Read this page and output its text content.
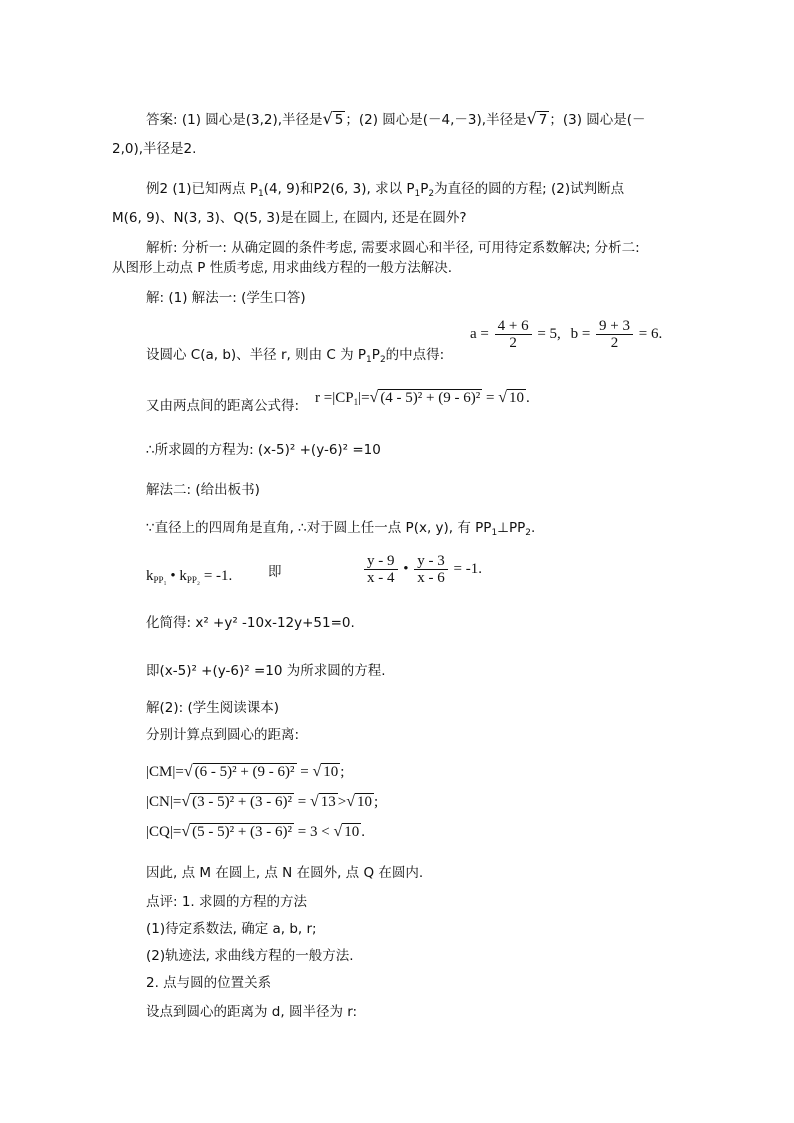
答案: (1) 圆心是(3,2),半径是√ 5 ；(2) 圆心是(－4,－3),半径是√ 7 ；(3) 圆心是(－
2,0),半径是2.
例2 (1)已知两点 $P_1(4$, 9)和P2(6, 3), 求以 $P_1P_2$为直径的圆的方程; (2)试判断点
M(6, 9)、N(3, 3)、Q(5, 3)是在圆上, 在圆内, 还是在圆外?
解析: 分析一: 从确定圆的条件考虑, 需要求圆心和半径, 可用待定系数解决; 分析二:
从图形上动点 P 性质考虑, 用求曲线方程的一般方法解决.
解: (1) 解法一: (学生口答)
设圆心 C(a, b)、半径 r, 则由 C 为 $P_1P_2$的中点得:
$a = \frac{4 + 6}{2} = 5$, $b = \frac{9 + 3}{2} = 6$.
又由两点间的距离公式得: $r =|CP_1|=√$ (4 - 5)² + (9 - 6)² = √ 10 .
∴所求圆的方程为: (x-5)² +(y-6)² =10
解法二: (给出板书)
∵直径上的四周角是直角, ∴对于圆上任一点 P(x, y), 有 $PP_1\perp PP_2$.
$k_{PP_1}$ • $k_{PP_2} = -1$.	即	$\frac{y - 9}{x - 4}$ • $\frac{y - 3}{x - 6} = -1$.
化简得: x² +y² -10x-12y+51=0.
即(x-5)² +(y-6)² =10 为所求圆的方程.
解(2): (学生阅读课本)
分别计算点到圆心的距离:
|CM|=√ (6 - 5)² + (9 - 6)² = √ 10 ;
|CN|=√ (3 - 5)² + (3 - 6)² = √ 13 >√ 10 ;
|CQ|=√ (5 - 5)² + (3 - 6)² = 3 < √ 10 .
因此, 点 M 在圆上, 点 N 在圆外, 点 Q 在圆内.
点评: 1. 求圆的方程的方法
(1)待定系数法, 确定 a, b, r;
(2)轨迹法, 求曲线方程的一般方法.
2. 点与圆的位置关系
设点到圆心的距离为 d, 圆半径为 r:
